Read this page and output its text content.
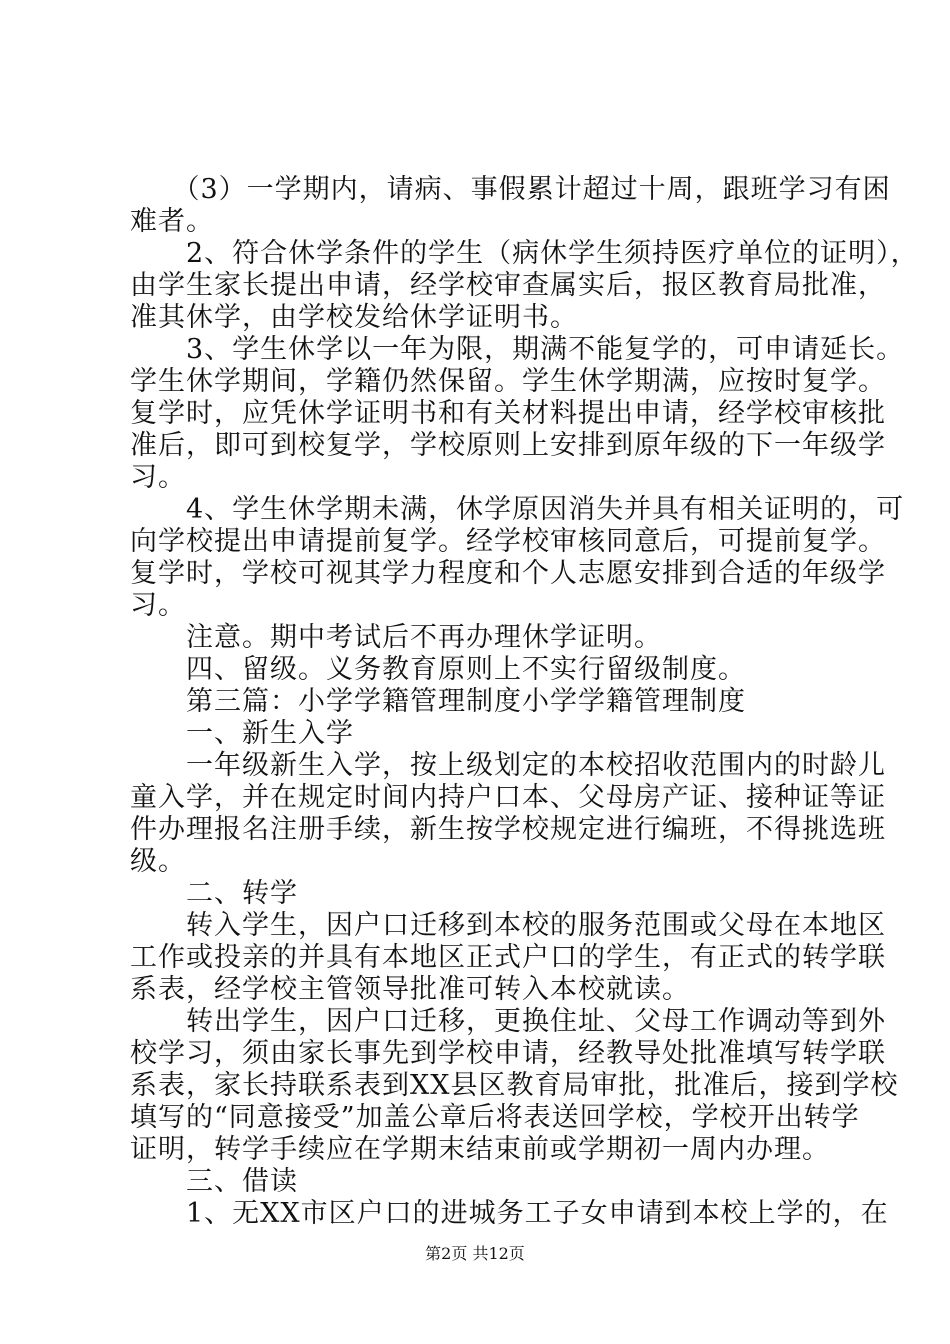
　　（3）一学期内，请病、事假累计超过十周，跟班学习有困
难者。
　　2、符合休学条件的学生（病休学生须持医疗单位的证明），
由学生家长提出申请，经学校审查属实后，报区教育局批准，
准其休学，由学校发给休学证明书。
　　3、学生休学以一年为限，期满不能复学的，可申请延长。
学生休学期间，学籍仍然保留。学生休学期满，应按时复学。
复学时，应凭休学证明书和有关材料提出申请，经学校审核批
准后，即可到校复学，学校原则上安排到原年级的下一年级学
习。
　　4、学生休学期未满，休学原因消失并具有相关证明的，可
向学校提出申请提前复学。经学校审核同意后，可提前复学。
复学时，学校可视其学力程度和个人志愿安排到合适的年级学
习。
　　注意。期中考试后不再办理休学证明。
　　四、留级。义务教育原则上不实行留级制度。
　　第三篇：小学学籍管理制度小学学籍管理制度
　　一、新生入学
　　一年级新生入学，按上级划定的本校招收范围内的时龄儿
童入学，并在规定时间内持户口本、父母房产证、接种证等证
件办理报名注册手续，新生按学校规定进行编班，不得挑选班
级。
　　二、转学
　　转入学生，因户口迁移到本校的服务范围或父母在本地区
工作或投亲的并具有本地区正式户口的学生，有正式的转学联
系表，经学校主管领导批准可转入本校就读。
　　转出学生，因户口迁移，更换住址、父母工作调动等到外
校学习，须由家长事先到学校申请，经教导处批准填写转学联
系表，家长持联系表到XX县区教育局审批，批准后，接到学校
填写的“同意接受”加盖公章后将表送回学校，学校开出转学
证明，转学手续应在学期末结束前或学期初一周内办理。
　　三、借读
　　1、无XX市区户口的进城务工子女申请到本校上学的，在
第2页 共12页
